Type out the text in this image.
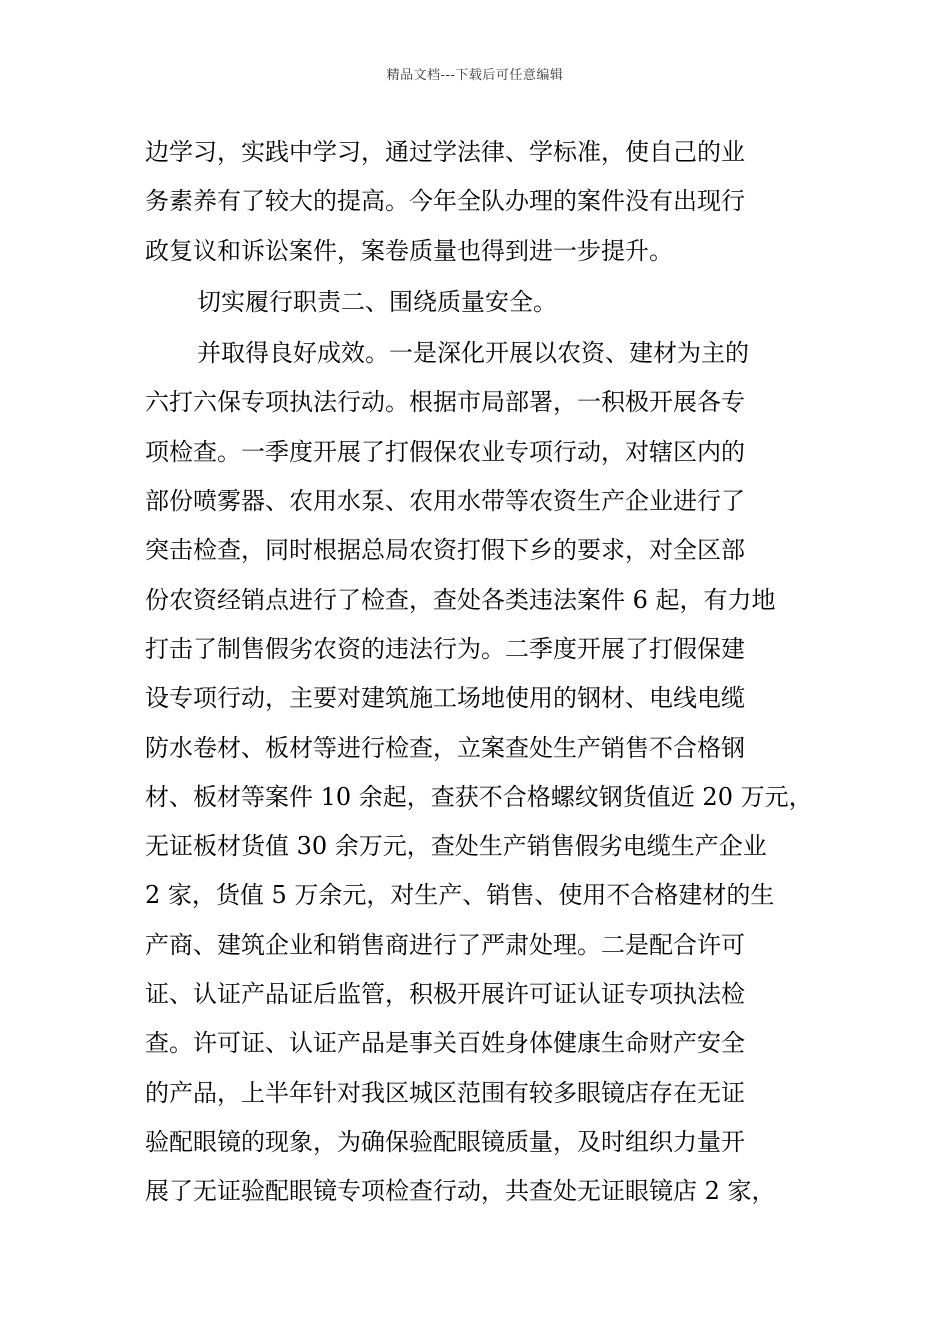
精品文档---下载后可任意编辑
边学习，实践中学习，通过学法律、学标准，使自己的业
务素养有了较大的提高。今年全队办理的案件没有出现行
政复议和诉讼案件，案卷质量也得到进一步提升。
切实履行职责二、围绕质量安全。
并取得良好成效。一是深化开展以农资、建材为主的
六打六保专项执法行动。根据市局部署，一积极开展各专
项检查。一季度开展了打假保农业专项行动，对辖区内的
部份喷雾器、农用水泵、农用水带等农资生产企业进行了
突击检查，同时根据总局农资打假下乡的要求，对全区部
份农资经销点进行了检查，查处各类违法案件 6 起，有力地
打击了制售假劣农资的违法行为。二季度开展了打假保建
设专项行动，主要对建筑施工场地使用的钢材、电线电缆
防水卷材、板材等进行检查，立案查处生产销售不合格钢
材、板材等案件 10 余起，查获不合格螺纹钢货值近 20 万元，
无证板材货值 30 余万元，查处生产销售假劣电缆生产企业
2 家，货值 5 万余元，对生产、销售、使用不合格建材的生
产商、建筑企业和销售商进行了严肃处理。二是配合许可
证、认证产品证后监管，积极开展许可证认证专项执法检
查。许可证、认证产品是事关百姓身体健康生命财产安全
的产品，上半年针对我区城区范围有较多眼镜店存在无证
验配眼镜的现象，为确保验配眼镜质量，及时组织力量开
展了无证验配眼镜专项检查行动，共查处无证眼镜店 2 家，
